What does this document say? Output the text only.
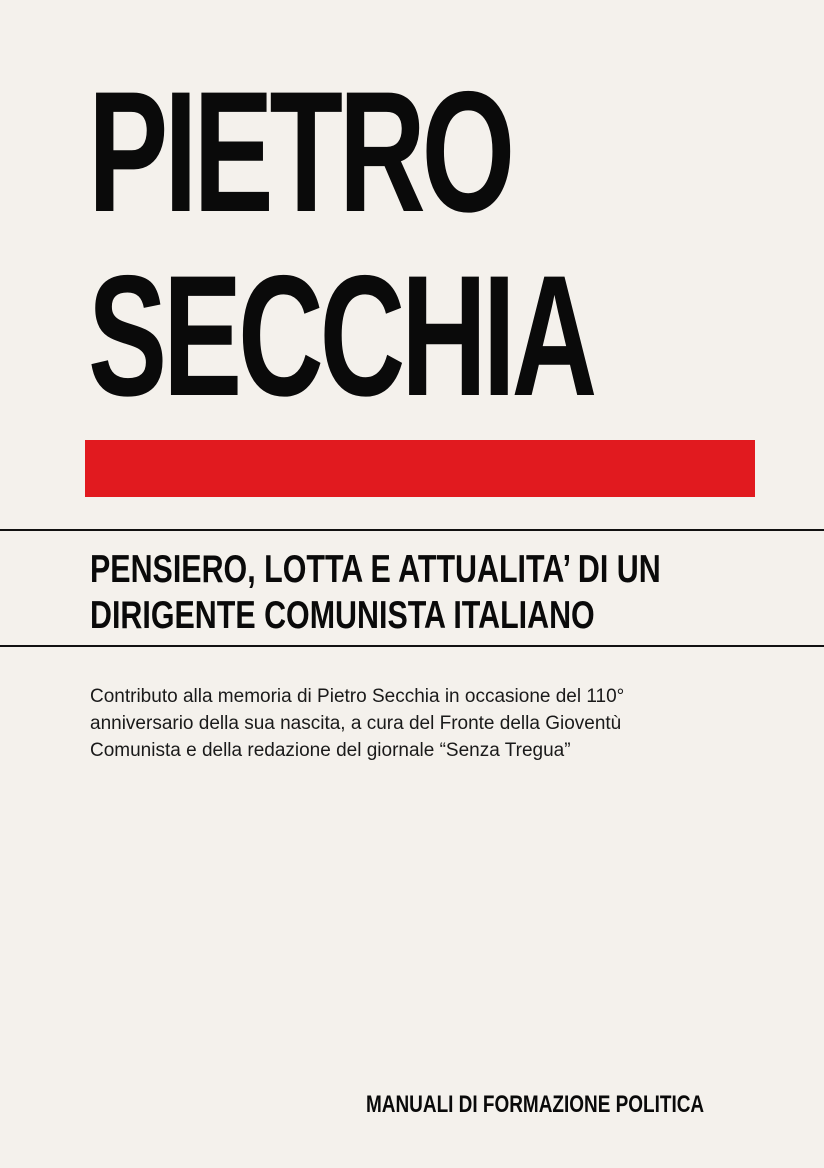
PIETRO
SECCHIA
PENSIERO, LOTTA E ATTUALITA’ DI UN
DIRIGENTE COMUNISTA ITALIANO

Contributo alla memoria di Pietro Secchia in occasione del 110°
anniversario della sua nascita, a cura del Fronte della Gioventù
Comunista e della redazione del giornale “Senza Tregua”

MANUALI DI FORMAZIONE POLITICA
